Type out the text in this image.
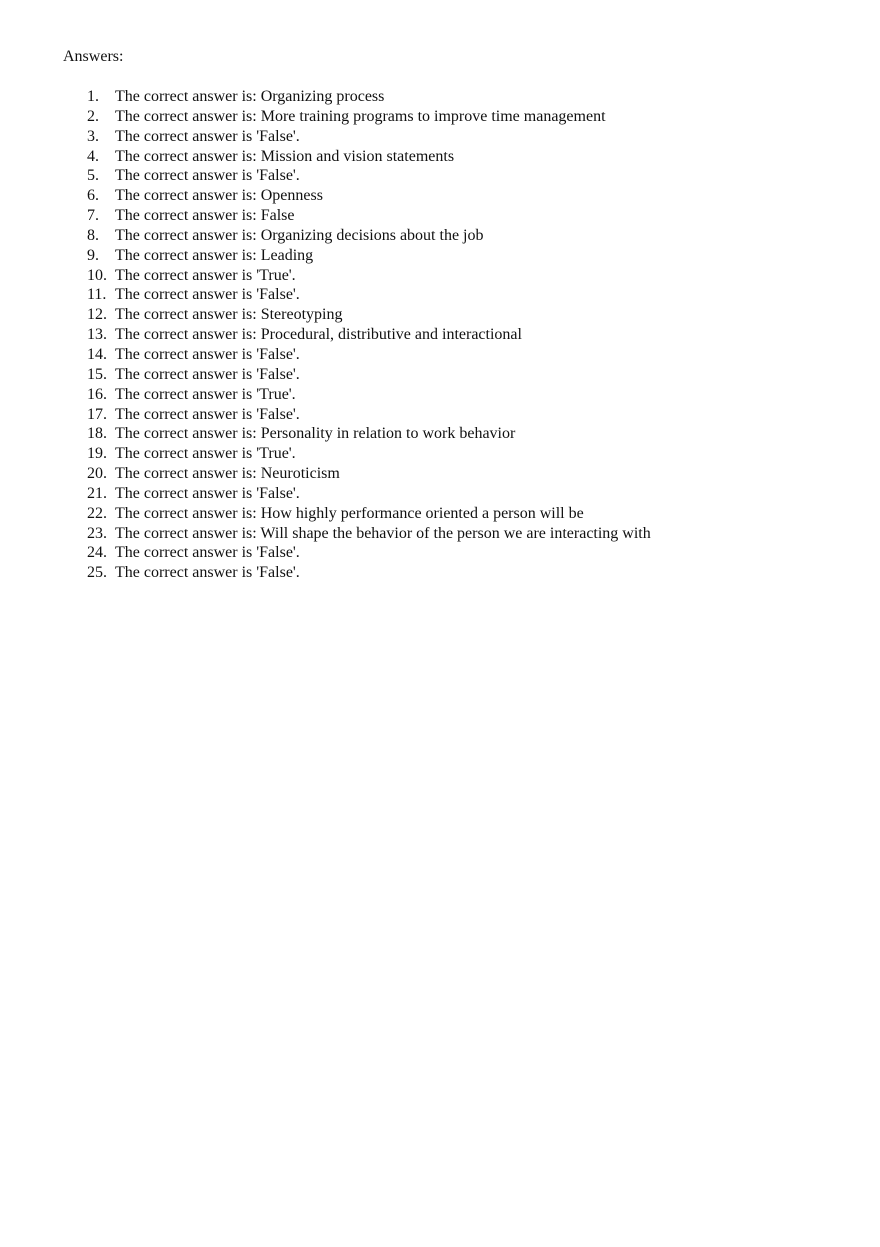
Answers:

1.	The correct answer is: Organizing process
2.	The correct answer is: More training programs to improve time management
3.	The correct answer is 'False'.
4.	The correct answer is: Mission and vision statements
5.	The correct answer is 'False'.
6.	The correct answer is: Openness
7.	The correct answer is: False
8.	The correct answer is: Organizing decisions about the job
9.	The correct answer is: Leading
10. The correct answer is 'True'.
11. The correct answer is 'False'.
12. The correct answer is: Stereotyping
13. The correct answer is: Procedural, distributive and interactional
14. The correct answer is 'False'.
15. The correct answer is 'False'.
16. The correct answer is 'True'.
17. The correct answer is 'False'.
18. The correct answer is: Personality in relation to work behavior
19. The correct answer is 'True'.
20. The correct answer is: Neuroticism
21. The correct answer is 'False'.
22. The correct answer is: How highly performance oriented a person will be
23. The correct answer is: Will shape the behavior of the person we are interacting with
24. The correct answer is 'False'.
25. The correct answer is 'False'.
